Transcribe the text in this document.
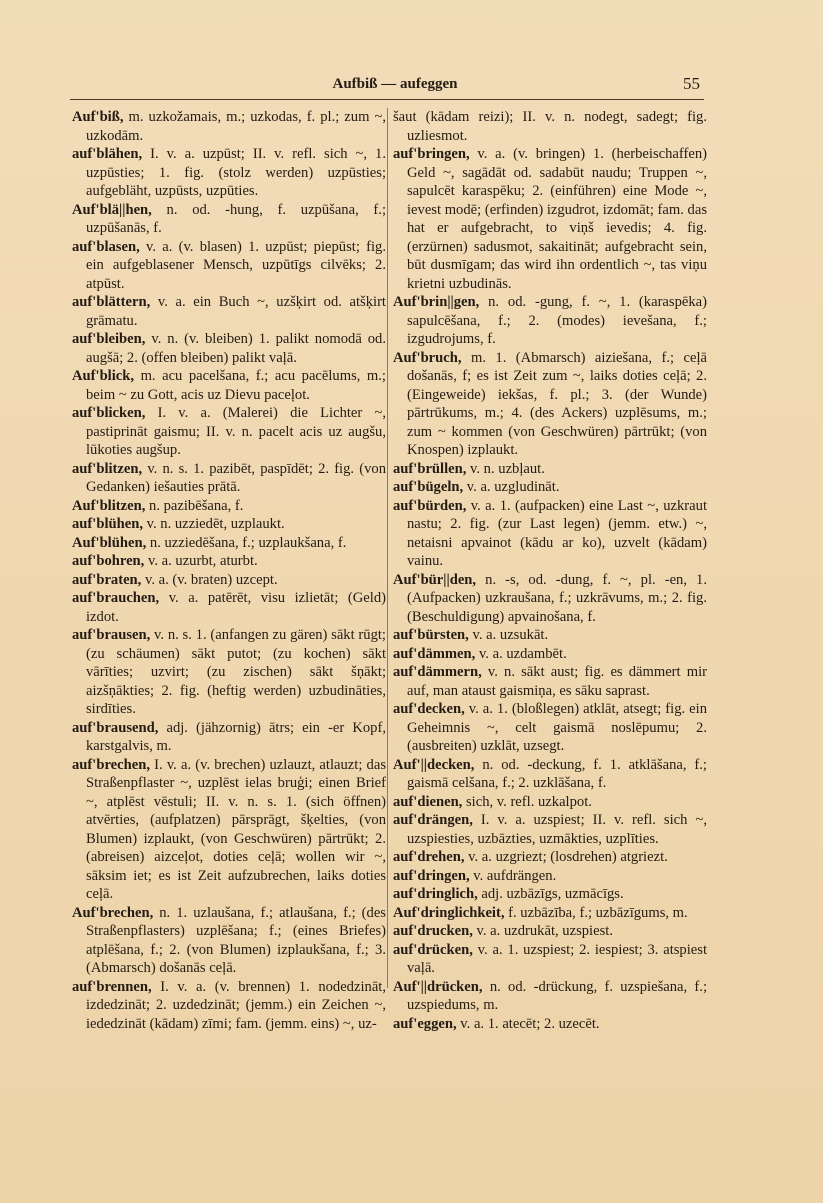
Aufbiß — aufeggen	55

Auf'biß, m. uzkožamais, m.; uzkodas, f. pl.; zum ~, uzkodām.

auf'blähen, I. v. a. uzpūst; II. v. refl. sich ~, 1. uzpūsties; 1. fig. (stolz werden) uzpūsties; aufgebläht, uzpūsts, uzpūties.

Auf'blä||hen, n. od. -hung, f. uzpūšana, f.; uzpūšanās, f.

auf'blasen, v. a. (v. blasen) 1. uzpūst; piepūst; fig. ein aufgeblasener Mensch, uzpūtīgs cilvēks; 2. atpūst.

auf'blättern, v. a. ein Buch ~, uzšķirt od. atšķirt grāmatu.

auf'bleiben, v. n. (v. bleiben) 1. palikt nomodā od. augšā; 2. (offen bleiben) palikt vaļā.

Auf'blick, m. acu pacelšana, f.; acu pacēlums, m.; beim ~ zu Gott, acis uz Dievu paceļot.

auf'blicken, I. v. a. (Malerei) die Lichter ~, pastiprināt gaismu; II. v. n. pacelt acis uz augšu, lūkoties augšup.

auf'blitzen, v. n. s. 1. pazibēt, paspīdēt; 2. fig. (von Gedanken) iešauties prātā.

Auf'blitzen, n. pazibēšana, f.

auf'blühen, v. n. uzziedēt, uzplaukt.

Auf'blühen, n. uzziedēšana, f.; uzplaukšana, f.

auf'bohren, v. a. uzurbt, aturbt.

auf'braten, v. a. (v. braten) uzcept.

auf'brauchen, v. a. patērēt, visu izlietāt; (Geld) izdot.

auf'brausen, v. n. s. 1. (anfangen zu gären) sākt rūgt; (zu schäumen) sākt putot; (zu kochen) sākt vārīties; uzvirt; (zu zischen) sākt šņākt; aizšņākties; 2. fig. (heftig werden) uzbudināties, sirdīties.

auf'brausend, adj. (jähzornig) ātrs; ein -er Kopf, karstgalvis, m.

auf'brechen, I. v. a. (v. brechen) uzlauzt, atlauzt; das Straßenpflaster ~, uzplēst ielas bruģi; einen Brief ~, atplēst vēstuli; II. v. n. s. 1. (sich öffnen) atvērties, (aufplatzen) pārsprāgt, šķelties, (von Blumen) izplaukt, (von Geschwüren) pārtrūkt; 2. (abreisen) aizceļot, doties ceļā; wollen wir ~, sāksim iet; es ist Zeit aufzubrechen, laiks doties ceļā.

Auf'brechen, n. 1. uzlaušana, f.; atlaušana, f.; (des Straßenpflasters) uzplēšana; f.; (eines Briefes) atplēšana, f.; 2. (von Blumen) izplaukšana, f.; 3. (Abmarsch) došanās ceļā.

auf'brennen, I. v. a. (v. brennen) 1. nodedzināt, izdedzināt; 2. uzdedzināt; (jemm.) ein Zeichen ~, iededzināt (kādam) zīmi; fam. (jemm. eins) ~, uz-

šaut (kādam reizi); II. v. n. nodegt, sadegt; fig. uzliesmot.

auf'bringen, v. a. (v. bringen) 1. (herbeischaffen) Geld ~, sagādāt od. sadabūt naudu; Truppen ~, sapulcēt karaspēku; 2. (einführen) eine Mode ~, ievest modē; (erfinden) izgudrot, izdomāt; fam. das hat er aufgebracht, to viņš ievedis; 4. fig. (erzürnen) sadusmot, sakaitināt; aufgebracht sein, būt dusmīgam; das wird ihn ordentlich ~, tas viņu krietni uzbudinās.

Auf'brin||gen, n. od. -gung, f. ~, 1. (karaspēka) sapulcēšana, f.; 2. (modes) ievešana, f.; izgudrojums, f.

Auf'bruch, m. 1. (Abmarsch) aiziešana, f.; ceļā došanās, f; es ist Zeit zum ~, laiks doties ceļā; 2. (Eingeweide) iekšas, f. pl.; 3. (der Wunde) pārtrūkums, m.; 4. (des Ackers) uzplēsums, m.; zum ~ kommen (von Geschwüren) pārtrūkt; (von Knospen) izplaukt.

auf'brüllen, v. n. uzbļaut.

auf'bügeln, v. a. uzgludināt.

auf'bürden, v. a. 1. (aufpacken) eine Last ~, uzkraut nastu; 2. fig. (zur Last legen) (jemm. etw.) ~, netaisni apvainot (kādu ar ko), uzvelt (kādam) vainu.

Auf'bür||den, n. -s, od. -dung, f. ~, pl. -en, 1. (Aufpacken) uzkraušana, f.; uzkrāvums, m.; 2. fig. (Beschuldigung) apvainošana, f.

auf'bürsten, v. a. uzsukāt.

auf'dämmen, v. a. uzdambēt.

auf'dämmern, v. n. sākt aust; fig. es dämmert mir auf, man ataust gaismiņa, es sāku saprast.

auf'decken, v. a. 1. (bloßlegen) atklāt, atsegt; fig. ein Geheimnis ~, celt gaismā noslēpumu; 2. (ausbreiten) uzklāt, uzsegt.

Auf'||decken, n. od. -deckung, f. 1. atklāšana, f.; gaismā celšana, f.; 2. uzklāšana, f.

auf'dienen, sich, v. refl. uzkalpot.

auf'drängen, I. v. a. uzspiest; II. v. refl. sich ~, uzspiesties, uzbāzties, uzmākties, uzplīties.

auf'drehen, v. a. uzgriezt; (losdrehen) atgriezt.

auf'dringen, v. aufdrängen.

auf'dringlich, adj. uzbāzīgs, uzmācīgs.

Auf'dringlichkeit, f. uzbāzība, f.; uzbāzīgums, m.

auf'drucken, v. a. uzdrukāt, uzspiest.

auf'drücken, v. a. 1. uzspiest; 2. iespiest; 3. atspiest vaļā.

Auf'||drücken, n. od. -drückung, f. uzspiešana, f.; uzspiedums, m.

auf'eggen, v. a. 1. atecēt; 2. uzecēt.
